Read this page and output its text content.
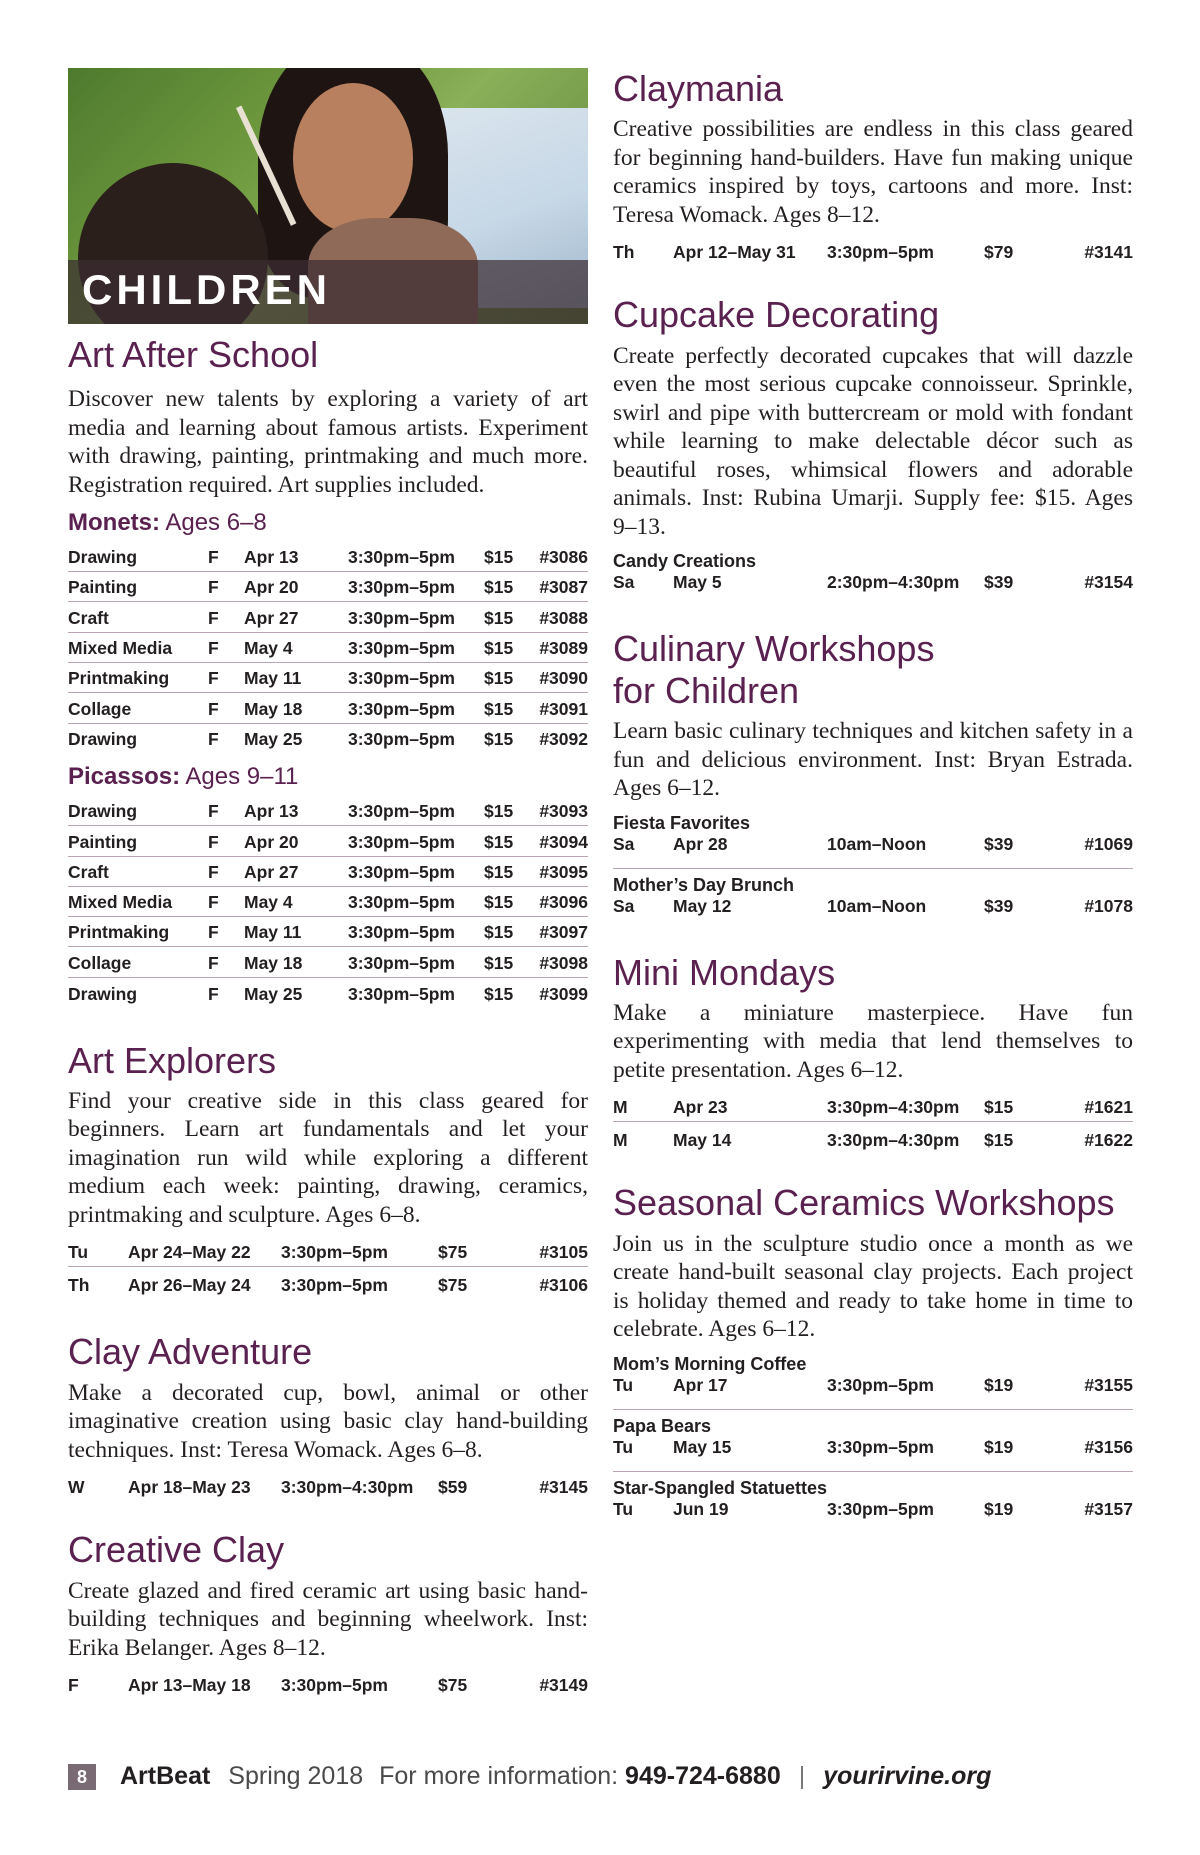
CHILDREN
Art After School

Discover new talents by exploring a variety of art media and learning about famous artists. Experiment with drawing, painting, printmaking and much more. Registration required. Art supplies included.

Monets: Ages 6–8
Drawing	F	Apr 13	3:30pm–5pm	$15	#3086
Painting	F	Apr 20	3:30pm–5pm	$15	#3087
Craft	F	Apr 27	3:30pm–5pm	$15	#3088
Mixed Media	F	May 4	3:30pm–5pm	$15	#3089
Printmaking	F	May 11	3:30pm–5pm	$15	#3090
Collage	F	May 18	3:30pm–5pm	$15	#3091
Drawing	F	May 25	3:30pm–5pm	$15	#3092
Picassos: Ages 9–11
Drawing	F	Apr 13	3:30pm–5pm	$15	#3093
Painting	F	Apr 20	3:30pm–5pm	$15	#3094
Craft	F	Apr 27	3:30pm–5pm	$15	#3095
Mixed Media	F	May 4	3:30pm–5pm	$15	#3096
Printmaking	F	May 11	3:30pm–5pm	$15	#3097
Collage	F	May 18	3:30pm–5pm	$15	#3098
Drawing	F	May 25	3:30pm–5pm	$15	#3099
Art Explorers

Find your creative side in this class geared for beginners. Learn art fundamentals and let your imagination run wild while exploring a different medium each week: painting, drawing, ceramics, printmaking and sculpture. Ages 6–8.

Tu	Apr 24–May 22	3:30pm–5pm	$75	#3105
Th	Apr 26–May 24	3:30pm–5pm	$75	#3106
Clay Adventure

Make a decorated cup, bowl, animal or other imaginative creation using basic clay hand-building techniques. Inst: Teresa Womack. Ages 6–8.

W	Apr 18–May 23	3:30pm–4:30pm	$59	#3145
Creative Clay

Create glazed and fired ceramic art using basic hand-building techniques and beginning wheelwork. Inst: Erika Belanger. Ages 8–12.

F	Apr 13–May 18	3:30pm–5pm	$75	#3149
Claymania

Creative possibilities are endless in this class geared for beginning hand-builders. Have fun making unique ceramics inspired by toys, cartoons and more. Inst: Teresa Womack. Ages 8–12.

Th	Apr 12–May 31	3:30pm–5pm	$79	#3141
Cupcake Decorating

Create perfectly decorated cupcakes that will dazzle even the most serious cupcake connoisseur. Sprinkle, swirl and pipe with buttercream or mold with fondant while learning to make delectable décor such as beautiful roses, whimsical flowers and adorable animals. Inst: Rubina Umarji. Supply fee: $15. Ages 9–13.

Candy Creations
Sa	May 5	2:30pm–4:30pm	$39	#3154
Culinary Workshops
for Children

Learn basic culinary techniques and kitchen safety in a fun and delicious environment. Inst: Bryan Estrada. Ages 6–12.

Fiesta Favorites
Sa	Apr 28	10am–Noon	$39	#1069
Mother’s Day Brunch
Sa	May 12	10am–Noon	$39	#1078
Mini Mondays

Make a miniature masterpiece. Have fun experimenting with media that lend themselves to petite presentation. Ages 6–12.

M	Apr 23	3:30pm–4:30pm	$15	#1621
M	May 14	3:30pm–4:30pm	$15	#1622
Seasonal Ceramics Workshops

Join us in the sculpture studio once a month as we create hand-built seasonal clay projects. Each project is holiday themed and ready to take home in time to celebrate. Ages 6–12.

Mom’s Morning Coffee
Tu	Apr 17	3:30pm–5pm	$19	#3155
Papa Bears
Tu	May 15	3:30pm–5pm	$19	#3156
Star-Spangled Statuettes
Tu	Jun 19	3:30pm–5pm	$19	#3157
8	ArtBeat Spring 2018 For more information: 949-724-6880 | yourirvine.org
